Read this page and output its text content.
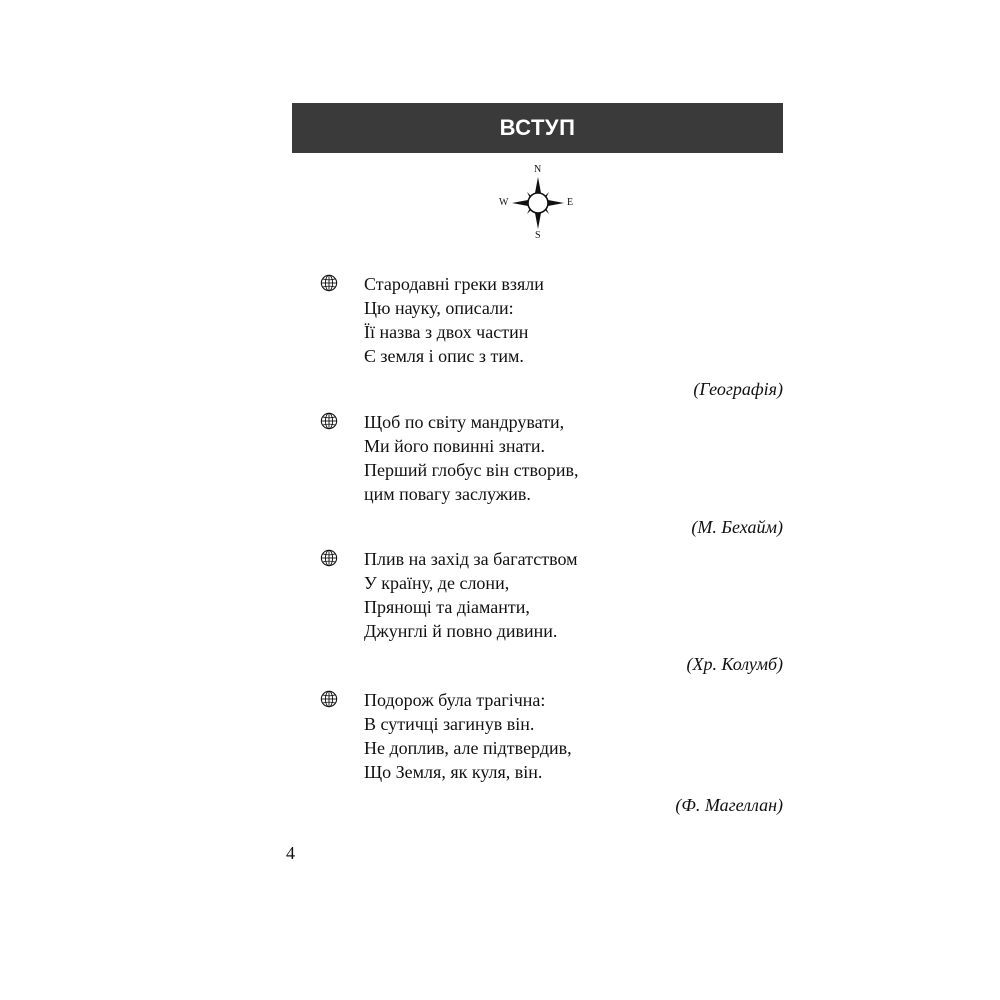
ВСТУП
N
S
W	E
Стародавні греки взяли
Цю науку, описали:
Її назва з двох частин
Є земля і опис з тим.
(Географія)
Щоб по світу мандрувати,
Ми його повинні знати.
Перший глобус він створив,
цим повагу заслужив.
(М. Бехайм)
Плив на захід за багатством
У країну, де слони,
Прянощі та діаманти,
Джунглі й повно дивини.
(Хр. Колумб)
Подорож була трагічна:
В сутичці загинув він.
Не доплив, але підтвердив,
Що Земля, як куля, він.
(Ф. Магеллан)
4
